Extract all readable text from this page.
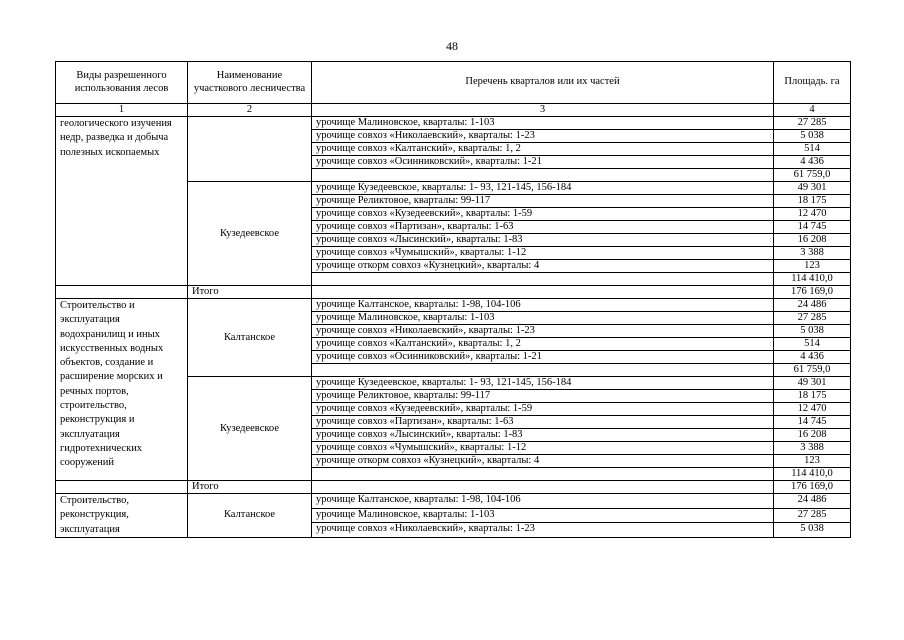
48
Виды разрешенного использования лесов	Наименование участкового лесничества	Перечень кварталов или их частей	Площадь. га
1	2	3	4
геологического изучения недр, разведка и добыча полезных ископаемых		урочище Малиновское, кварталы: 1-103	27 285
		урочище совхоз «Николаевский», кварталы: 1-23	5 038
		урочище совхоз «Калтанский», кварталы: 1, 2	514
		урочище совхоз «Осинниковский», кварталы: 1-21	4 436
			61 759,0
	Кузедеевское	урочище Кузедеевское, кварталы: 1- 93, 121-145, 156-184	49 301
		урочище Реликтовое, кварталы: 99-117	18 175
		урочище совхоз «Кузедеевский», кварталы: 1-59	12 470
		урочище совхоз «Партизан», кварталы: 1-63	14 745
		урочище совхоз «Лысинский», кварталы: 1-83	16 208
		урочище совхоз «Чумышский», кварталы: 1-12	3 388
		урочище откорм совхоз «Кузнецкий», кварталы: 4	123
			114 410,0
	Итого		176 169,0
Строительство и эксплуатация водохранилищ и иных искусственных водных объектов, создание и расширение морских и речных портов, строительство, реконструкция и эксплуатация гидротехнических сооружений	Калтанское	урочище Калтанское, кварталы: 1-98, 104-106	24 486
		урочище Малиновское, кварталы: 1-103	27 285
		урочище совхоз «Николаевский», кварталы: 1-23	5 038
		урочище совхоз «Калтанский», кварталы: 1, 2	514
		урочище совхоз «Осинниковский», кварталы: 1-21	4 436
			61 759,0
	Кузедеевское	урочище Кузедеевское, кварталы: 1- 93, 121-145, 156-184	49 301
		урочище Реликтовое, кварталы: 99-117	18 175
		урочище совхоз «Кузедеевский», кварталы: 1-59	12 470
		урочище совхоз «Партизан», кварталы: 1-63	14 745
		урочище совхоз «Лысинский», кварталы: 1-83	16 208
		урочище совхоз «Чумышский», кварталы: 1-12	3 388
		урочище откорм совхоз «Кузнецкий», кварталы: 4	123
			114 410,0
	Итого		176 169,0
Строительство, реконструкция, эксплуатация	Калтанское	урочище Калтанское, кварталы: 1-98, 104-106	24 486
		урочище Малиновское, кварталы: 1-103	27 285
		урочище совхоз «Николаевский», кварталы: 1-23	5 038
